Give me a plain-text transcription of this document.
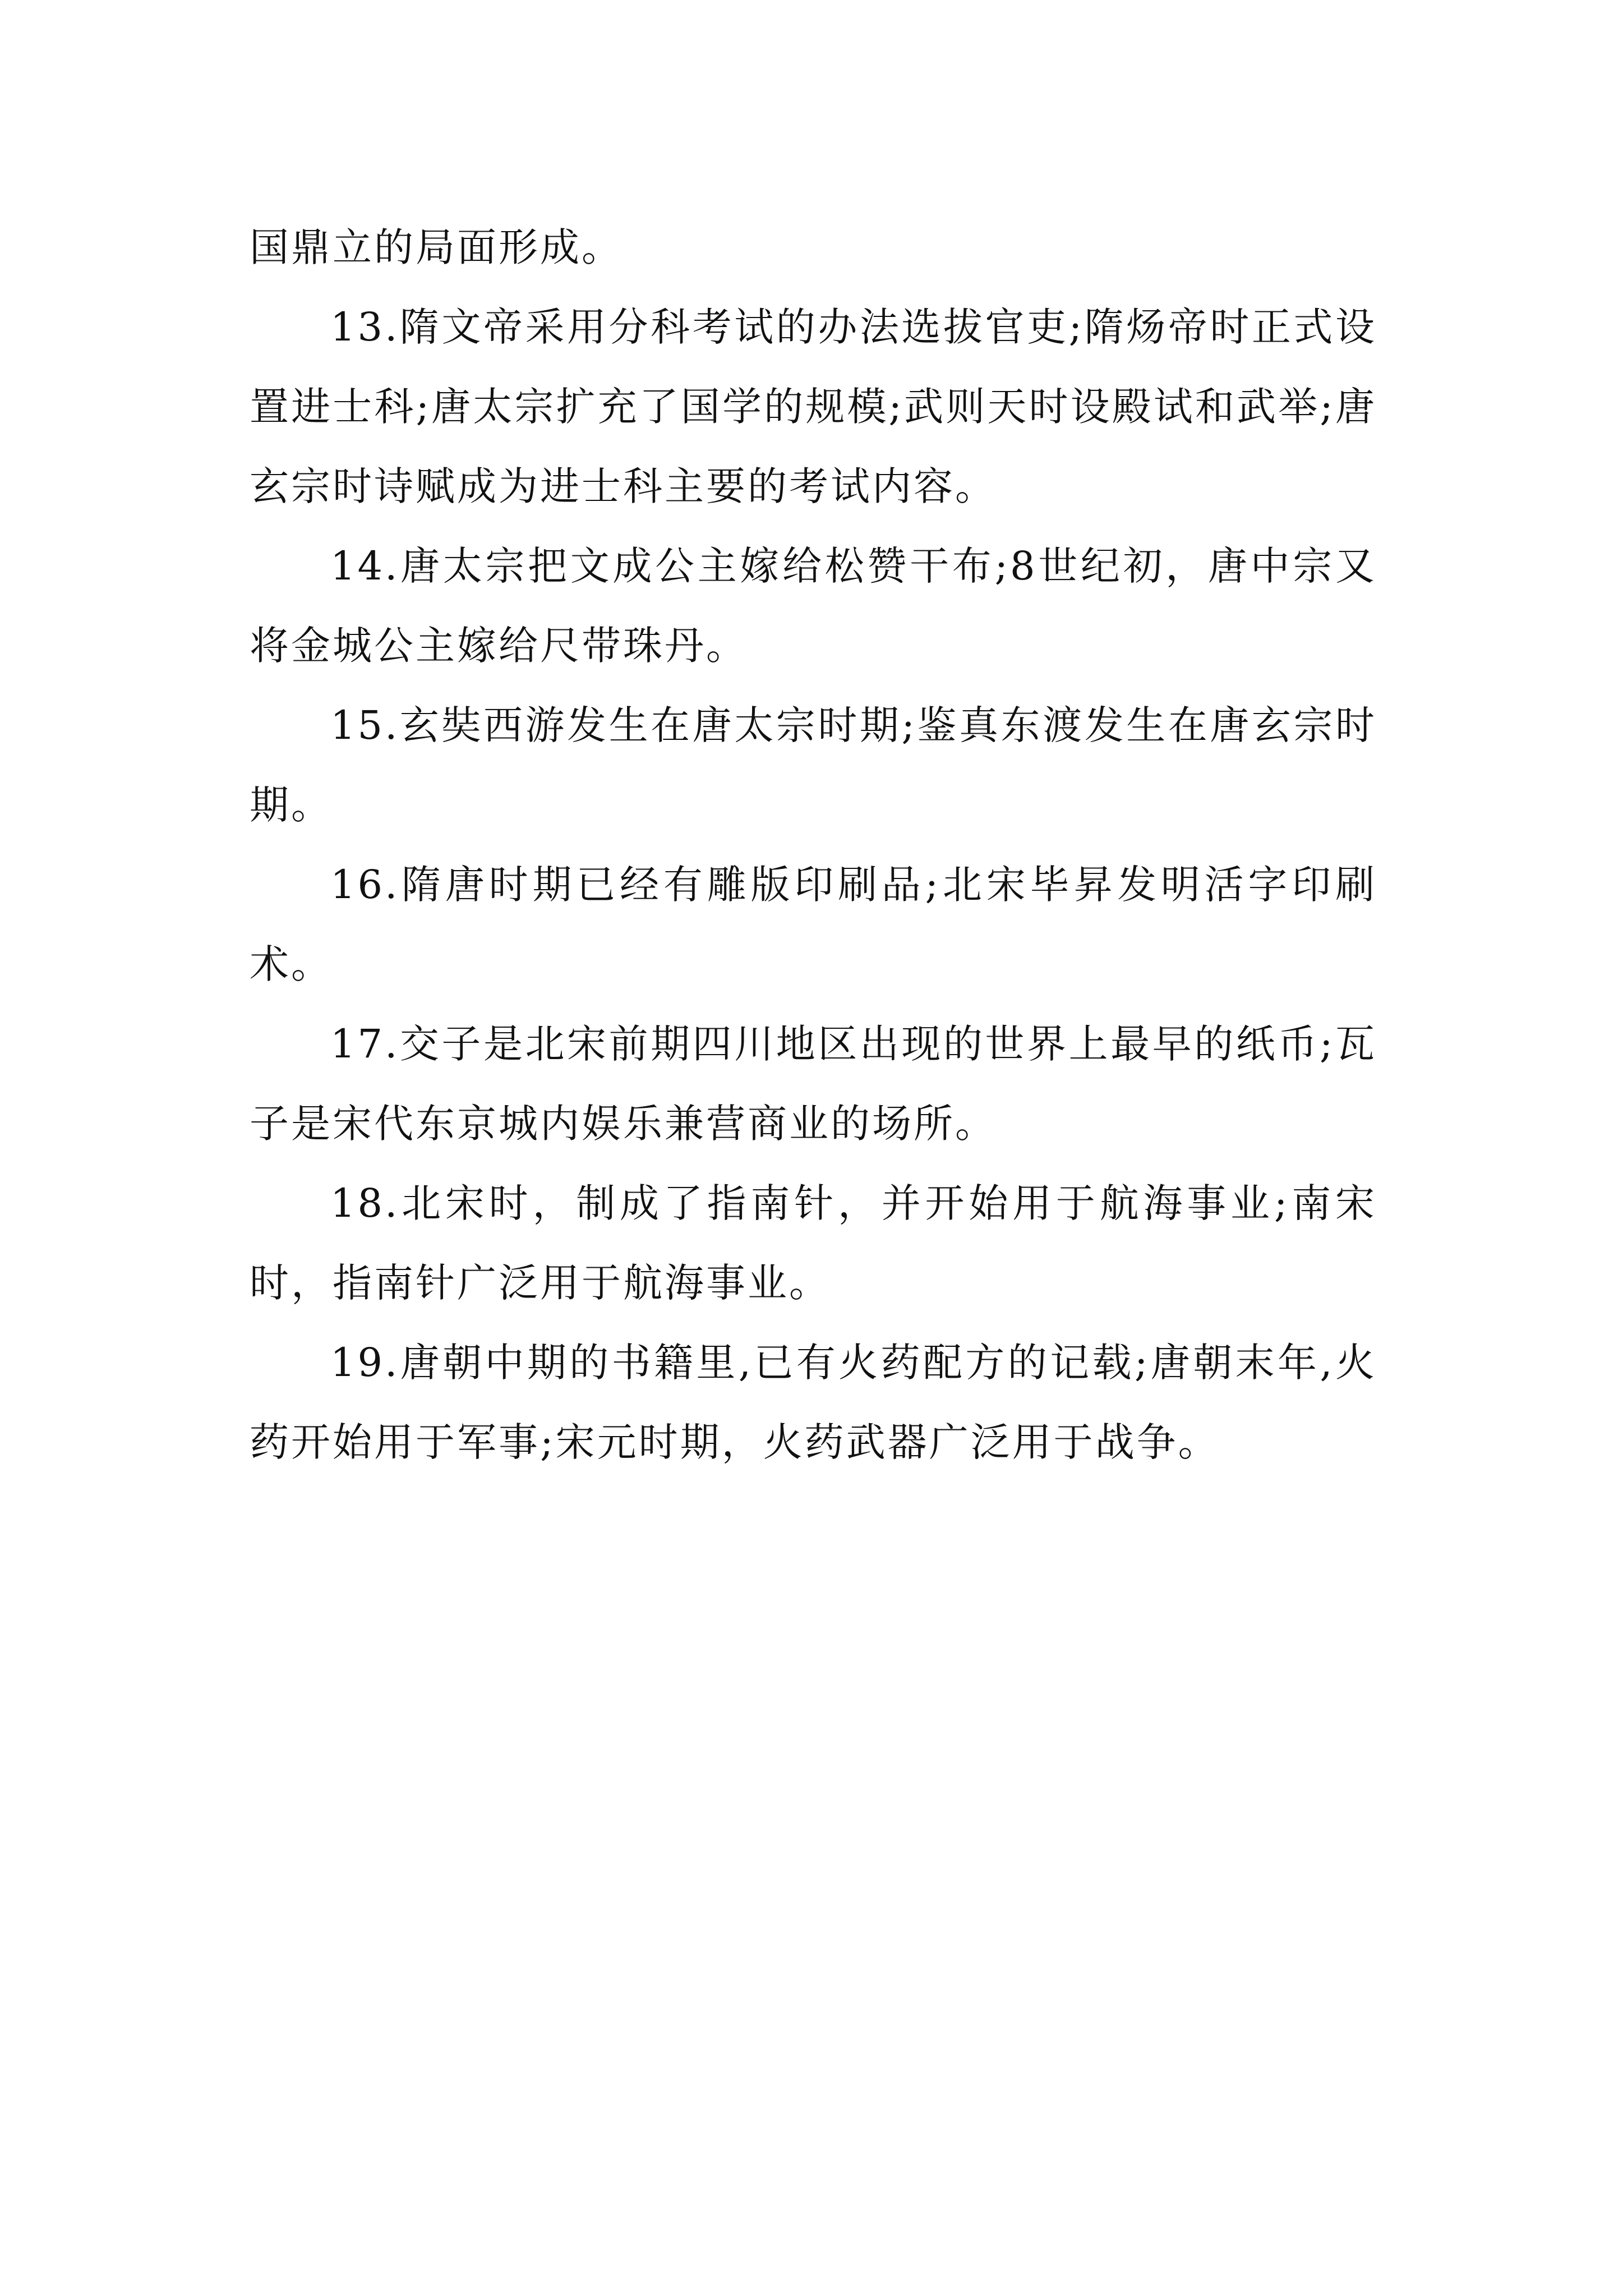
国鼎立的局面形成。

13.隋文帝采用分科考试的办法选拔官吏;隋炀帝时正式设置进士科;唐太宗扩充了国学的规模;武则天时设殿试和武举;唐玄宗时诗赋成为进士科主要的考试内容。

14.唐太宗把文成公主嫁给松赞干布;8世纪初，唐中宗又将金城公主嫁给尺带珠丹。

15.玄奘西游发生在唐太宗时期;鉴真东渡发生在唐玄宗时期。

16.隋唐时期已经有雕版印刷品;北宋毕昇发明活字印刷术。

17.交子是北宋前期四川地区出现的世界上最早的纸币;瓦子是宋代东京城内娱乐兼营商业的场所。

18.北宋时，制成了指南针，并开始用于航海事业;南宋时，指南针广泛用于航海事业。

19.唐朝中期的书籍里,已有火药配方的记载;唐朝末年,火药开始用于军事;宋元时期，火药武器广泛用于战争。
